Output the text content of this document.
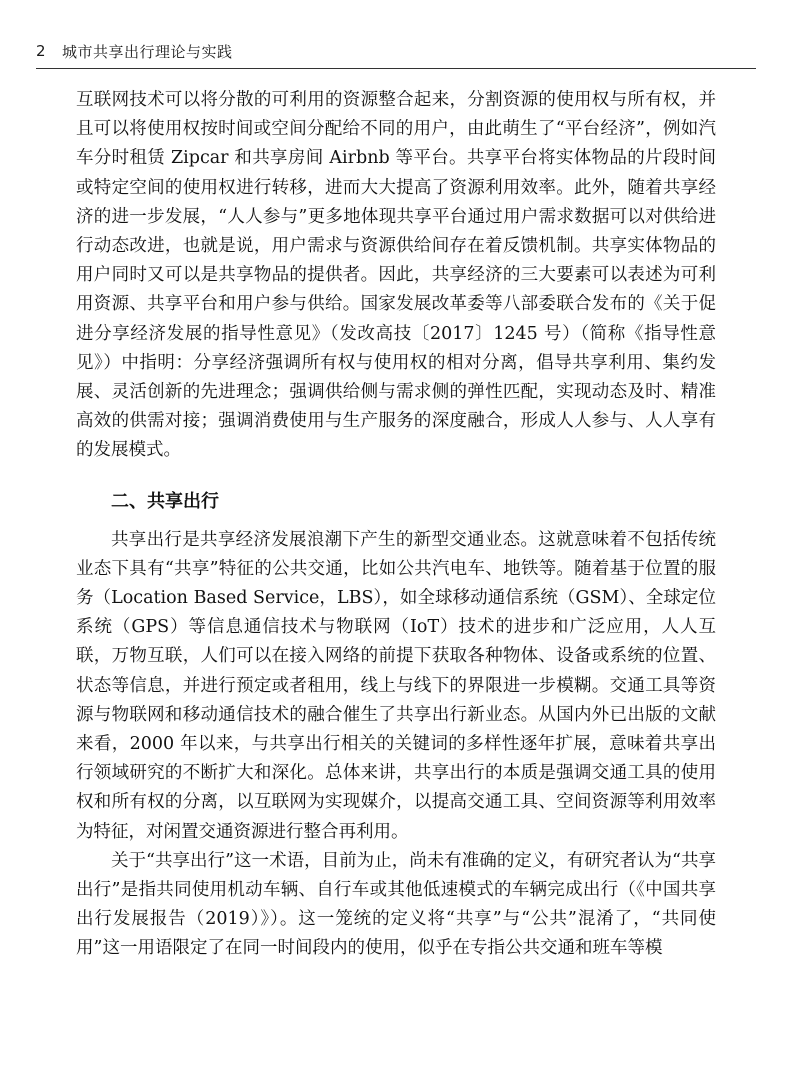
2	城市共享出行理论与实践

互联网技术可以将分散的可利用的资源整合起来，分割资源的使用权与所有权，并且可以将使用权按时间或空间分配给不同的用户，由此萌生了“平台经济”，例如汽车分时租赁 Zipcar 和共享房间 Airbnb 等平台。共享平台将实体物品的片段时间或特定空间的使用权进行转移，进而大大提高了资源利用效率。此外，随着共享经济的进一步发展，“人人参与”更多地体现共享平台通过用户需求数据可以对供给进行动态改进，也就是说，用户需求与资源供给间存在着反馈机制。共享实体物品的用户同时又可以是共享物品的提供者。因此，共享经济的三大要素可以表述为可利用资源、共享平台和用户参与供给。国家发展改革委等八部委联合发布的《关于促进分享经济发展的指导性意见》（发改高技〔2017〕1245 号）（简称《指导性意见》）中指明：分享经济强调所有权与使用权的相对分离，倡导共享利用、集约发展、灵活创新的先进理念；强调供给侧与需求侧的弹性匹配，实现动态及时、精准高效的供需对接；强调消费使用与生产服务的深度融合，形成人人参与、人人享有的发展模式。

二、共享出行

共享出行是共享经济发展浪潮下产生的新型交通业态。这就意味着不包括传统业态下具有“共享”特征的公共交通，比如公共汽电车、地铁等。随着基于位置的服务（Location Based Service，LBS），如全球移动通信系统（GSM）、全球定位系统（GPS）等信息通信技术与物联网（IoT）技术的进步和广泛应用，人人互联，万物互联，人们可以在接入网络的前提下获取各种物体、设备或系统的位置、状态等信息，并进行预定或者租用，线上与线下的界限进一步模糊。交通工具等资源与物联网和移动通信技术的融合催生了共享出行新业态。从国内外已出版的文献来看，2000 年以来，与共享出行相关的关键词的多样性逐年扩展，意味着共享出行领域研究的不断扩大和深化。总体来讲，共享出行的本质是强调交通工具的使用权和所有权的分离，以互联网为实现媒介，以提高交通工具、空间资源等利用效率为特征，对闲置交通资源进行整合再利用。

关于“共享出行”这一术语，目前为止，尚未有准确的定义，有研究者认为“共享出行”是指共同使用机动车辆、自行车或其他低速模式的车辆完成出行（《中国共享出行发展报告（2019）》）。这一笼统的定义将“共享”与“公共”混淆了，“共同使用”这一用语限定了在同一时间段内的使用，似乎在专指公共交通和班车等模
